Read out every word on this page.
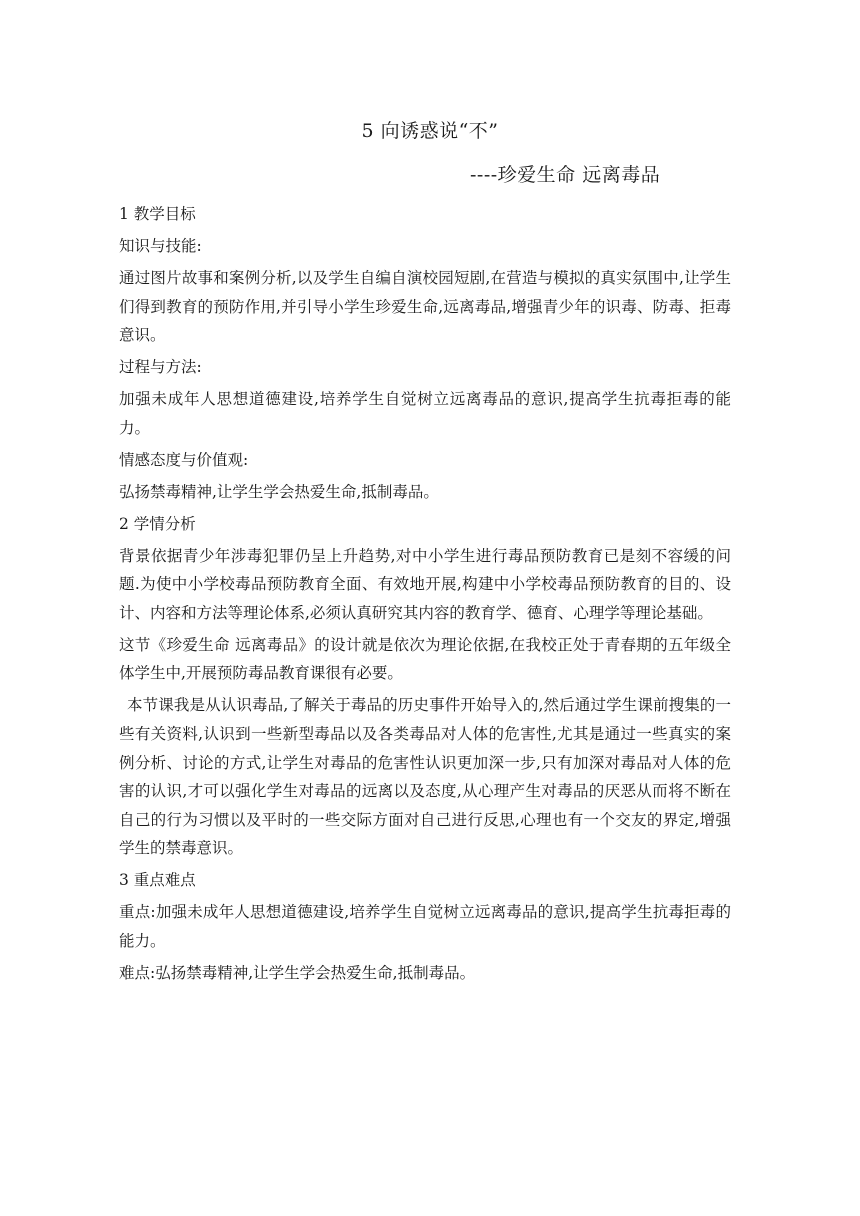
5 向诱惑说“不”
----珍爱生命 远离毒品

1 教学目标

知识与技能:

通过图片故事和案例分析,以及学生自编自演校园短剧,在营造与模拟的真实氛围中,让学生们得到教育的预防作用,并引导小学生珍爱生命,远离毒品,增强青少年的识毒、防毒、拒毒意识。

过程与方法:

加强未成年人思想道德建设,培养学生自觉树立远离毒品的意识,提高学生抗毒拒毒的能力。

情感态度与价值观:

弘扬禁毒精神,让学生学会热爱生命,抵制毒品。

2 学情分析

背景依据青少年涉毒犯罪仍呈上升趋势,对中小学生进行毒品预防教育已是刻不容缓的问题.为使中小学校毒品预防教育全面、有效地开展,构建中小学校毒品预防教育的目的、设计、内容和方法等理论体系,必须认真研究其内容的教育学、德育、心理学等理论基础。

这节《珍爱生命 远离毒品》的设计就是依次为理论依据,在我校正处于青春期的五年级全体学生中,开展预防毒品教育课很有必要。

本节课我是从认识毒品,了解关于毒品的历史事件开始导入的,然后通过学生课前搜集的一些有关资料,认识到一些新型毒品以及各类毒品对人体的危害性,尤其是通过一些真实的案例分析、讨论的方式,让学生对毒品的危害性认识更加深一步,只有加深对毒品对人体的危害的认识,才可以强化学生对毒品的远离以及态度,从心理产生对毒品的厌恶从而将不断在自己的行为习惯以及平时的一些交际方面对自己进行反思,心理也有一个交友的界定,增强学生的禁毒意识。

3 重点难点

重点:加强未成年人思想道德建设,培养学生自觉树立远离毒品的意识,提高学生抗毒拒毒的能力。

难点:弘扬禁毒精神,让学生学会热爱生命,抵制毒品。
